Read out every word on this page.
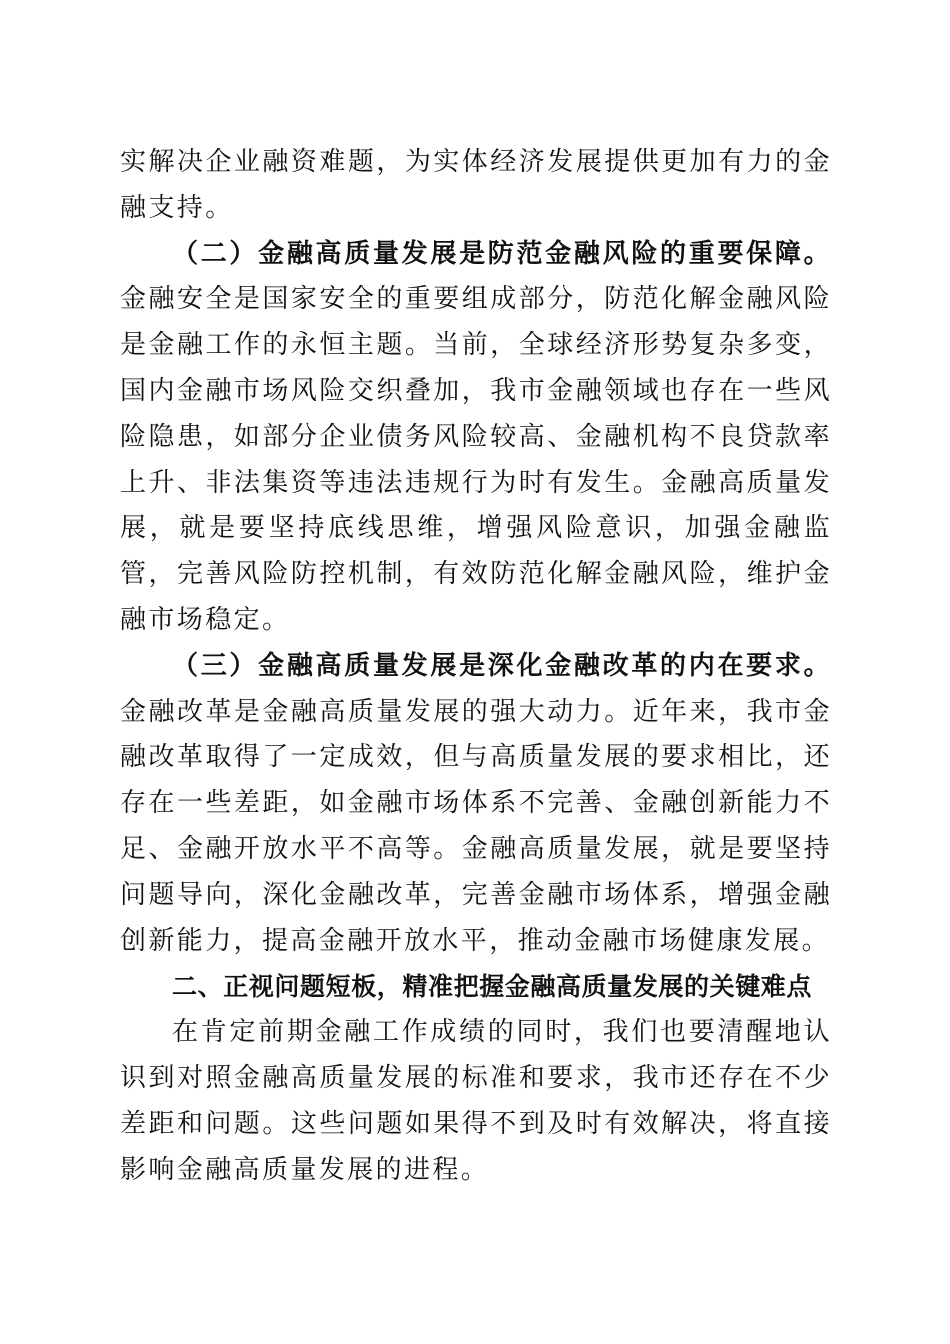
实解决企业融资难题，为实体经济发展提供更加有力的金融支持。

（二）金融高质量发展是防范金融风险的重要保障。金融安全是国家安全的重要组成部分，防范化解金融风险是金融工作的永恒主题。当前，全球经济形势复杂多变，国内金融市场风险交织叠加，我市金融领域也存在一些风险隐患，如部分企业债务风险较高、金融机构不良贷款率上升、非法集资等违法违规行为时有发生。金融高质量发展，就是要坚持底线思维，增强风险意识，加强金融监管，完善风险防控机制，有效防范化解金融风险，维护金融市场稳定。

（三）金融高质量发展是深化金融改革的内在要求。金融改革是金融高质量发展的强大动力。近年来，我市金融改革取得了一定成效，但与高质量发展的要求相比，还存在一些差距，如金融市场体系不完善、金融创新能力不足、金融开放水平不高等。金融高质量发展，就是要坚持问题导向，深化金融改革，完善金融市场体系，增强金融创新能力，提高金融开放水平，推动金融市场健康发展。

二、正视问题短板，精准把握金融高质量发展的关键难点

在肯定前期金融工作成绩的同时，我们也要清醒地认识到对照金融高质量发展的标准和要求，我市还存在不少差距和问题。这些问题如果得不到及时有效解决，将直接影响金融高质量发展的进程。
